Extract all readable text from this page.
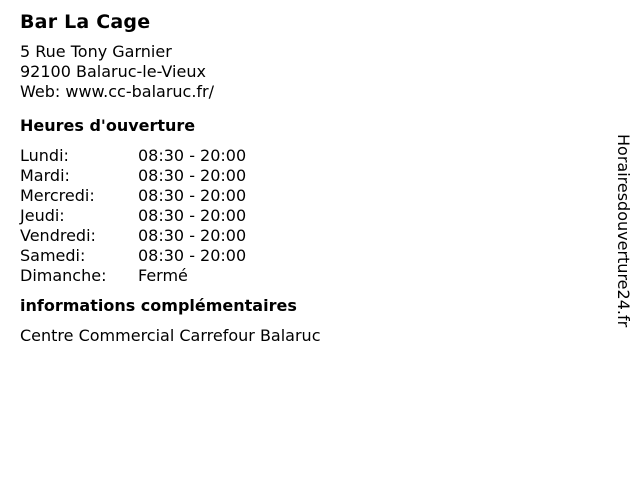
Bar La Cage
5 Rue Tony Garnier
92100 Balaruc-le-Vieux
Web: www.cc-balaruc.fr/
Heures d'ouverture
Lundi:	08:30 - 20:00
Mardi:	08:30 - 20:00
Mercredi:	08:30 - 20:00
Jeudi:	08:30 - 20:00
Vendredi:	08:30 - 20:00
Samedi:	08:30 - 20:00
Dimanche:	Fermé
informations complémentaires
Centre Commercial Carrefour Balaruc
Horairesdouverture24.fr
